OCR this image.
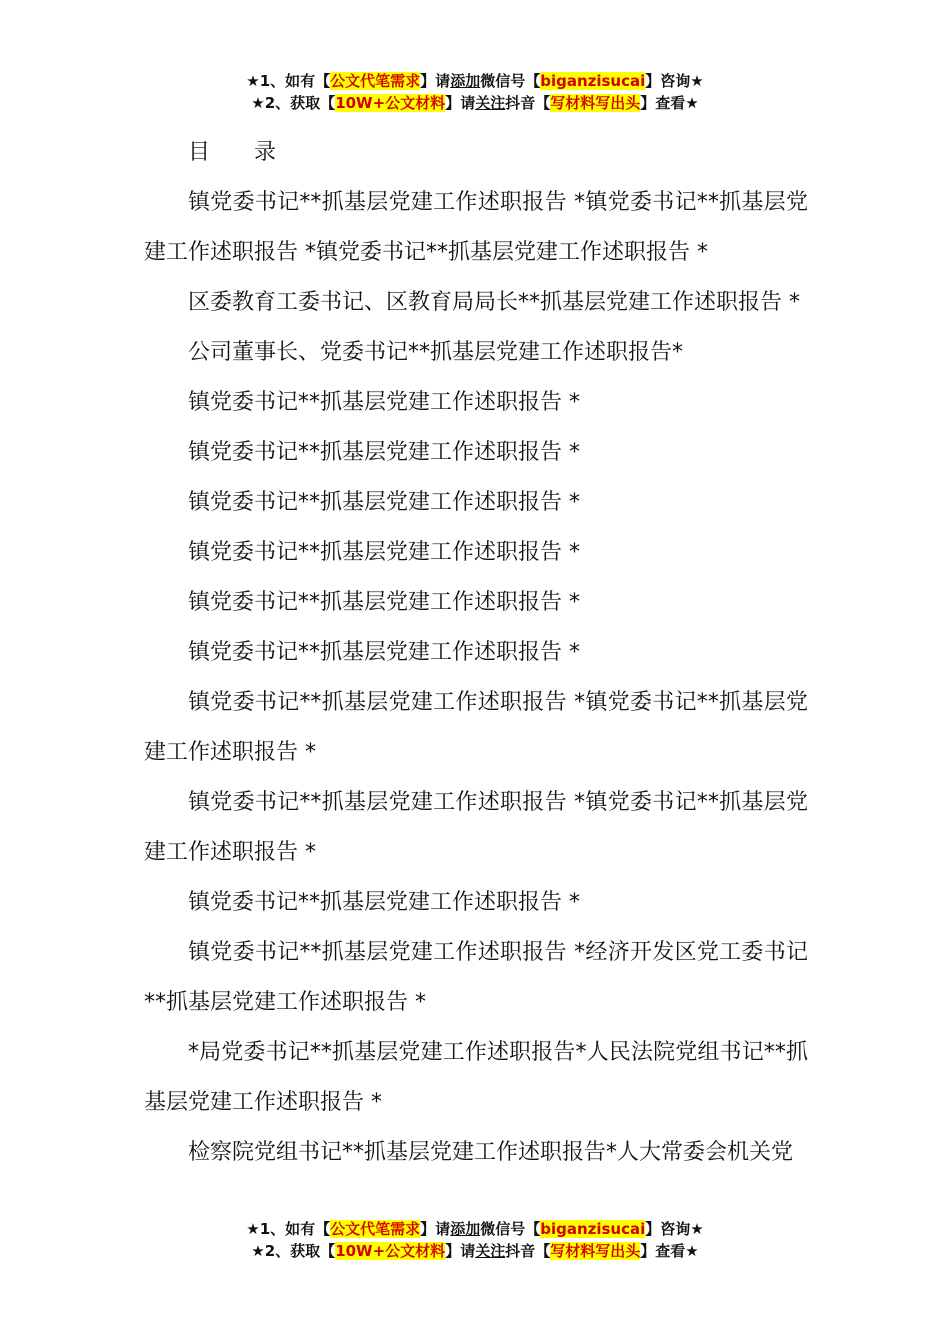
★1、如有【公文代笔需求】请添加微信号【biganzisucai】咨询★
★2、获取【10W+公文材料】请关注抖音【写材料写出头】查看★

目　　录

镇党委书记**抓基层党建工作述职报告 *镇党委书记**抓基层党建工作述职报告 *镇党委书记**抓基层党建工作述职报告 *

区委教育工委书记、区教育局局长**抓基层党建工作述职报告 *

公司董事长、党委书记**抓基层党建工作述职报告*

镇党委书记**抓基层党建工作述职报告 *

镇党委书记**抓基层党建工作述职报告 *

镇党委书记**抓基层党建工作述职报告 *

镇党委书记**抓基层党建工作述职报告 *

镇党委书记**抓基层党建工作述职报告 *

镇党委书记**抓基层党建工作述职报告 *

镇党委书记**抓基层党建工作述职报告 *镇党委书记**抓基层党建工作述职报告 *

镇党委书记**抓基层党建工作述职报告 *镇党委书记**抓基层党建工作述职报告 *

镇党委书记**抓基层党建工作述职报告 *

镇党委书记**抓基层党建工作述职报告 *经济开发区党工委书记**抓基层党建工作述职报告 *

*局党委书记**抓基层党建工作述职报告*人民法院党组书记**抓基层党建工作述职报告 *

检察院党组书记**抓基层党建工作述职报告*人大常委会机关党

★1、如有【公文代笔需求】请添加微信号【biganzisucai】咨询★
★2、获取【10W+公文材料】请关注抖音【写材料写出头】查看★
